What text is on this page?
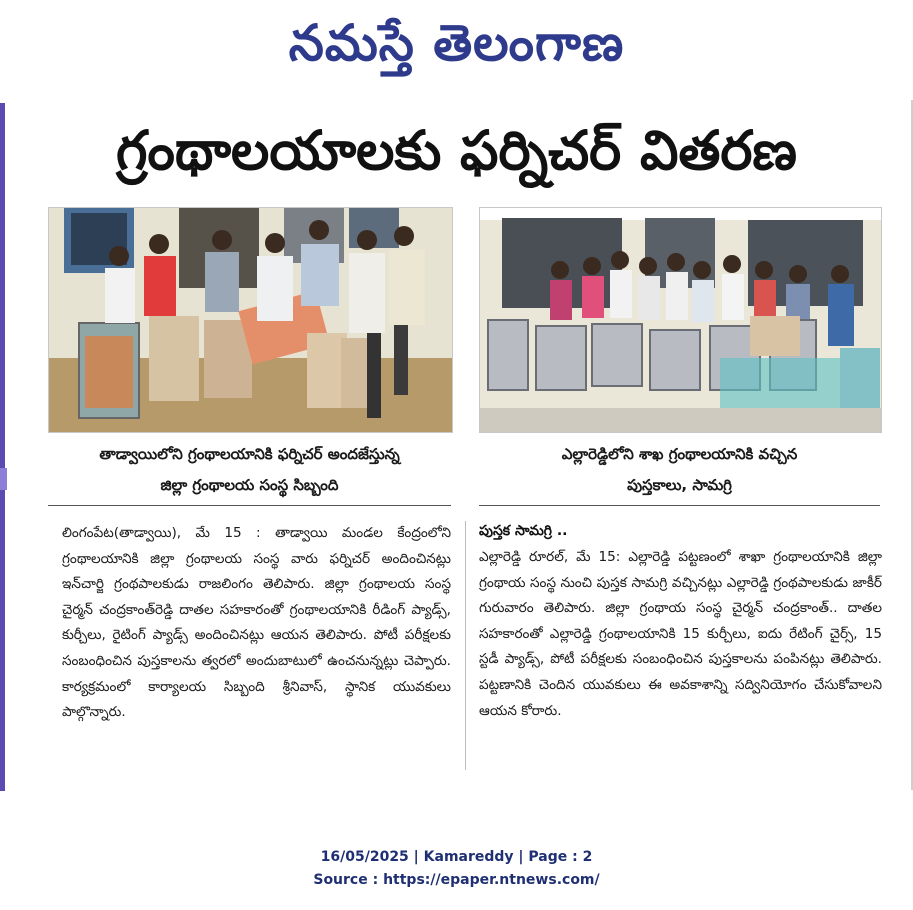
నమస్తే తెలంగాణ
గ్రంథాలయాలకు ఫర్నిచర్ వితరణ
తాడ్వాయిలోని గ్రంథాలయానికి ఫర్నిచర్ అందజేస్తున్న
జిల్లా గ్రంథాలయ సంస్థ సిబ్బంది
ఎల్లారెడ్డిలోని శాఖ గ్రంథాలయానికి వచ్చిన
పుస్తకాలు, సామగ్రి
లింగంపేట(తాడ్వాయి), మే 15 : తాడ్వాయి మండల కేంద్రంలోని గ్రంథాలయానికి జిల్లా గ్రంథాలయ సంస్థ వారు ఫర్నిచర్ అందించినట్లు ఇన్‌చార్జి గ్రంథపాలకుడు రాజలింగం తెలిపారు. జిల్లా గ్రంథాలయ సంస్థ చైర్మన్ చంద్రకాంత్‌రెడ్డి దాతల సహకారంతో గ్రంథాలయానికి రీడింగ్ ప్యాడ్స్, కుర్చీలు, రైటింగ్ ప్యాడ్స్ అందించినట్లు ఆయన తెలిపారు. పోటీ పరీక్షలకు సంబంధించిన పుస్తకాలను త్వరలో అందుబాటులో ఉంచనున్నట్లు చెప్పారు. కార్యక్రమంలో కార్యాలయ సిబ్బంది శ్రీనివాస్, స్థానిక యువకులు పాల్గొన్నారు.
పుస్తక సామగ్రి ..
ఎల్లారెడ్డి రూరల్, మే 15: ఎల్లారెడ్డి పట్టణంలో శాఖా గ్రంథాలయానికి జిల్లా గ్రంథాయ సంస్థ నుంచి పుస్తక సామగ్రి వచ్చినట్లు ఎల్లారెడ్డి గ్రంథపాలకుడు జాకీర్ గురువారం తెలిపారు. జిల్లా గ్రంథాయ సంస్థ చైర్మన్ చంద్రకాంత్.. దాతల సహకారంతో ఎల్లారెడ్డి గ్రంథాలయానికి 15 కుర్చీలు, ఐదు రేటింగ్ చైర్స్, 15 స్టడీ ప్యాడ్స్, పోటీ పరీక్షలకు సంబంధించిన పుస్తకాలను పంపినట్లు తెలిపారు. పట్టణానికి చెందిన యువకులు ఈ అవకాశాన్ని సద్వినియోగం చేసుకోవాలని ఆయన కోరారు.
16/05/2025 | Kamareddy | Page : 2
Source : https://epaper.ntnews.com/
